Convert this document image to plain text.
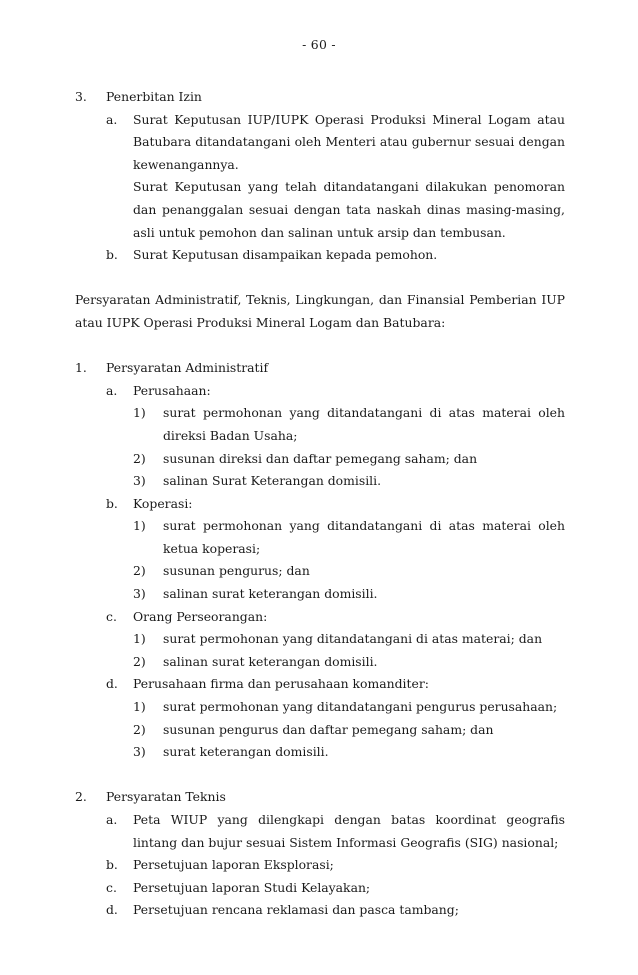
- 60 -
3.	Penerbitan Izin
a.	Surat Keputusan IUP/IUPK Operasi Produksi Mineral Logam atau Batubara ditandatangani oleh Menteri atau gubernur sesuai dengan kewenangannya.
Surat Keputusan yang telah ditandatangani dilakukan penomoran dan penanggalan sesuai dengan tata naskah dinas masing-masing, asli untuk pemohon dan salinan untuk arsip dan tembusan.
b.	Surat Keputusan disampaikan kepada pemohon.
Persyaratan Administratif, Teknis, Lingkungan, dan Finansial Pemberian IUP atau IUPK Operasi Produksi Mineral Logam dan Batubara:
1.	Persyaratan Administratif
a.	Perusahaan:
1)	surat permohonan yang ditandatangani di atas materai oleh direksi Badan Usaha;
2)	susunan direksi dan daftar pemegang saham; dan
3)	salinan Surat Keterangan domisili.
b.	Koperasi:
1)	surat permohonan yang ditandatangani di atas materai oleh ketua koperasi;
2)	susunan pengurus; dan
3)	salinan surat keterangan domisili.
c.	Orang Perseorangan:
1)	surat permohonan yang ditandatangani di atas materai; dan
2)	salinan surat keterangan domisili.
d.	Perusahaan firma dan perusahaan komanditer:
1)	surat permohonan yang ditandatangani pengurus perusahaan;
2)	susunan pengurus dan daftar pemegang saham; dan
3)	surat keterangan domisili.
2.	Persyaratan Teknis
a.	Peta WIUP yang dilengkapi dengan batas koordinat geografis lintang dan bujur sesuai Sistem Informasi Geografis (SIG) nasional;
b.	Persetujuan laporan Eksplorasi;
c.	Persetujuan laporan Studi Kelayakan;
d.	Persetujuan rencana reklamasi dan pasca tambang;
